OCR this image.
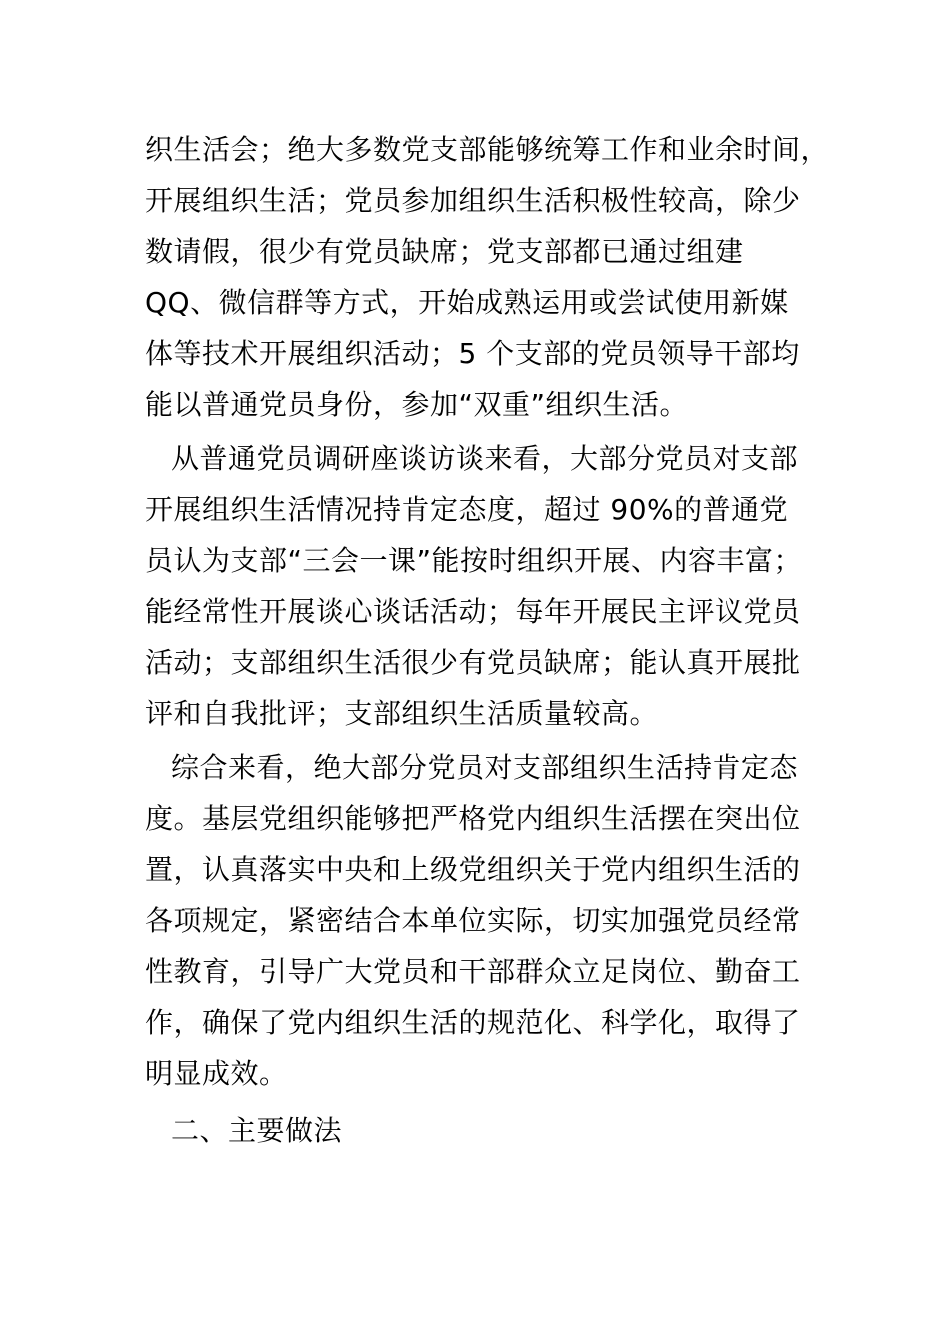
织生活会；绝大多数党支部能够统筹工作和业余时间，
开展组织生活；党员参加组织生活积极性较高，除少
数请假，很少有党员缺席；党支部都已通过组建
QQ、微信群等方式，开始成熟运用或尝试使用新媒
体等技术开展组织活动；5 个支部的党员领导干部均
能以普通党员身份，参加“双重”组织生活。
从普通党员调研座谈访谈来看，大部分党员对支部
开展组织生活情况持肯定态度，超过 90%的普通党
员认为支部“三会一课”能按时组织开展、内容丰富；
能经常性开展谈心谈话活动；每年开展民主评议党员
活动；支部组织生活很少有党员缺席；能认真开展批
评和自我批评；支部组织生活质量较高。
综合来看，绝大部分党员对支部组织生活持肯定态
度。基层党组织能够把严格党内组织生活摆在突出位
置，认真落实中央和上级党组织关于党内组织生活的
各项规定，紧密结合本单位实际，切实加强党员经常
性教育，引导广大党员和干部群众立足岗位、勤奋工
作，确保了党内组织生活的规范化、科学化，取得了
明显成效。
二、主要做法
